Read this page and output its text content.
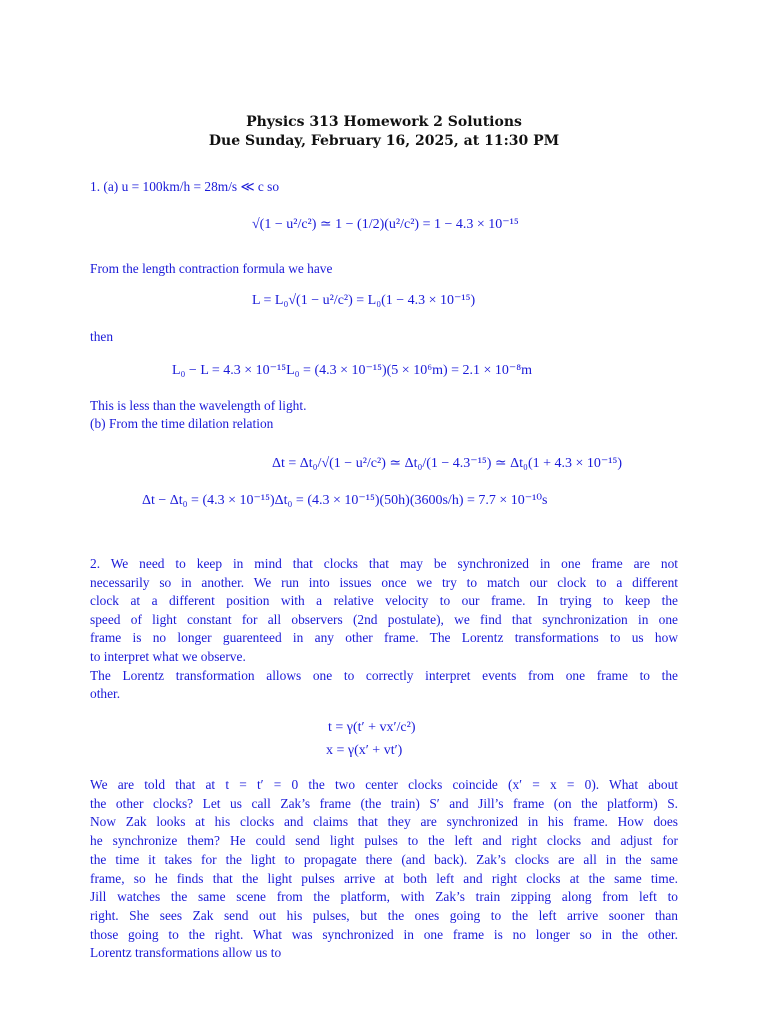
Physics 313 Homework 2 Solutions
Due Sunday, February 16, 2025, at 11:30 PM
1. (a) u = 100km/h = 28m/s ≪ c so
√(1 − u²/c²) ≃ 1 − (1/2)(u²/c²) = 1 − 4.3 × 10⁻¹⁵
From the length contraction formula we have
L = L₀√(1 − u²/c²) = L₀(1 − 4.3 × 10⁻¹⁵)
then
L₀ − L = 4.3 × 10⁻¹⁵L₀ = (4.3 × 10⁻¹⁵)(5 × 10⁶m) = 2.1 × 10⁻⁸m
This is less than the wavelength of light.
(b) From the time dilation relation
Δt = Δt₀/√(1 − u²/c²) ≃ Δt₀/(1 − 4.3⁻¹⁵) ≃ Δt₀(1 + 4.3 × 10⁻¹⁵)
Δt − Δt₀ = (4.3 × 10⁻¹⁵)Δt₀ = (4.3 × 10⁻¹⁵)(50h)(3600s/h) = 7.7 × 10⁻¹⁰s
2. We need to keep in mind that clocks that may be synchronized in one frame are not
necessarily so in another. We run into issues once we try to match our clock to a different
clock at a different position with a relative velocity to our frame. In trying to keep the
speed of light constant for all observers (2nd postulate), we find that synchronization in one
frame is no longer guarenteed in any other frame. The Lorentz transformations to us how
to interpret what we observe.
The Lorentz transformation allows one to correctly interpret events from one frame to the
other.
t = γ(t′ + vx′/c²)
x = γ(x′ + vt′)
We are told that at t = t′ = 0 the two center clocks coincide (x′ = x = 0). What about
the other clocks? Let us call Zak’s frame (the train) S′ and Jill’s frame (on the platform) S.
Now Zak looks at his clocks and claims that they are synchronized in his frame. How does
he synchronize them? He could send light pulses to the left and right clocks and adjust for
the time it takes for the light to propagate there (and back). Zak’s clocks are all in the same
frame, so he finds that the light pulses arrive at both left and right clocks at the same time.
Jill watches the same scene from the platform, with Zak’s train zipping along from left to
right. She sees Zak send out his pulses, but the ones going to the left arrive sooner than
those going to the right. What was synchronized in one frame is no longer so in the other.
Lorentz transformations allow us to
